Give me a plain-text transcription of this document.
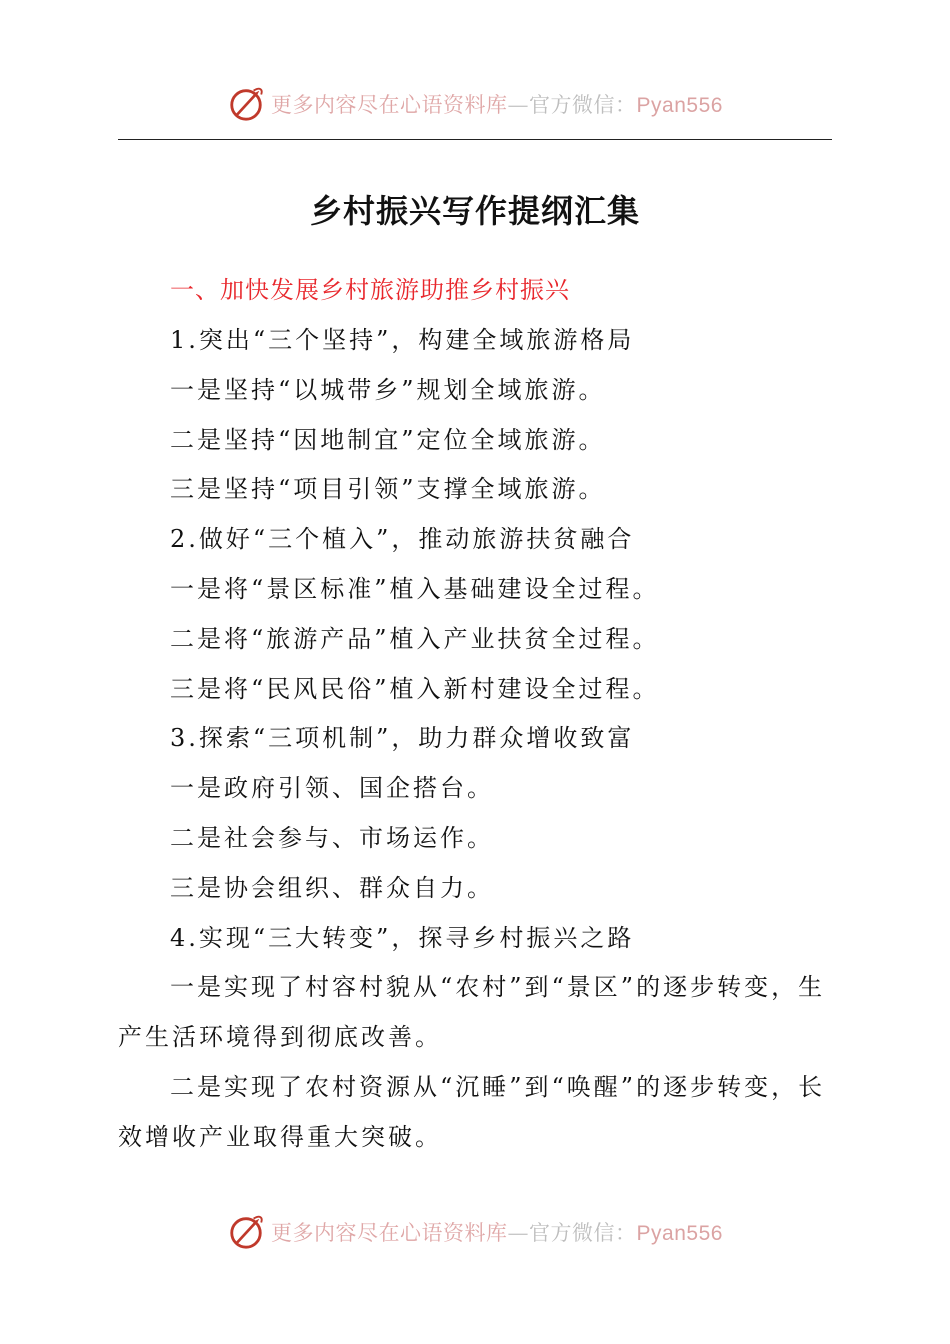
更多内容尽在心语资料库—官方微信：Pyan556
乡村振兴写作提纲汇集
一、加快发展乡村旅游助推乡村振兴
1.突出“三个坚持”，构建全域旅游格局
一是坚持“以城带乡”规划全域旅游。
二是坚持“因地制宜”定位全域旅游。
三是坚持“项目引领”支撑全域旅游。
2.做好“三个植入”，推动旅游扶贫融合
一是将“景区标准”植入基础建设全过程。
二是将“旅游产品”植入产业扶贫全过程。
三是将“民风民俗”植入新村建设全过程。
3.探索“三项机制”，助力群众增收致富
一是政府引领、国企搭台。
二是社会参与、市场运作。
三是协会组织、群众自力。
4.实现“三大转变”，探寻乡村振兴之路
一是实现了村容村貌从“农村”到“景区”的逐步转变，生产生活环境得到彻底改善。
二是实现了农村资源从“沉睡”到“唤醒”的逐步转变，长效增收产业取得重大突破。
更多内容尽在心语资料库—官方微信：Pyan556
